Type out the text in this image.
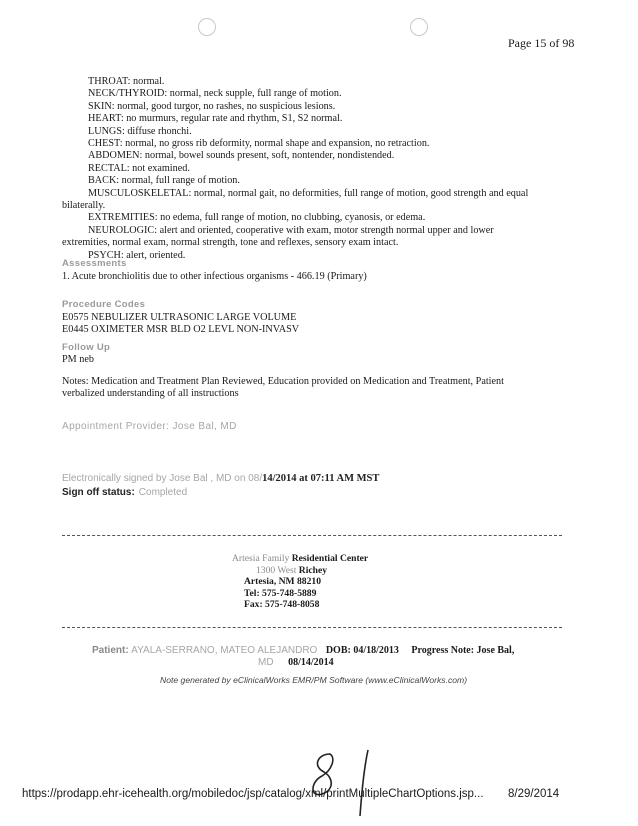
Page 15 of 98
THROAT: normal.
NECK/THYROID: normal, neck supple, full range of motion.
SKIN: normal, good turgor, no rashes, no suspicious lesions.
HEART: no murmurs, regular rate and rhythm, S1, S2 normal.
LUNGS: diffuse rhonchi.
CHEST: normal, no gross rib deformity, normal shape and expansion, no retraction.
ABDOMEN: normal, bowel sounds present, soft, nontender, nondistended.
RECTAL: not examined.
BACK: normal, full range of motion.
MUSCULOSKELETAL: normal, normal gait, no deformities, full range of motion, good strength and equal
bilaterally.
EXTREMITIES: no edema, full range of motion, no clubbing, cyanosis, or edema.
NEUROLOGIC: alert and oriented, cooperative with exam, motor strength normal upper and lower
extremities, normal exam, normal strength, tone and reflexes, sensory exam intact.
PSYCH: alert, oriented.
Assessments
1. Acute bronchiolitis due to other infectious organisms - 466.19 (Primary)
Procedure Codes
E0575 NEBULIZER ULTRASONIC LARGE VOLUME
E0445 OXIMETER MSR BLD O2 LEVL NON-INVASV
Follow Up
PM neb
Notes: Medication and Treatment Plan Reviewed, Education provided on Medication and Treatment, Patient
verbalized understanding of all instructions
Appointment Provider: Jose Bal, MD
Electronically signed by Jose Bal , MD on 08/14/2014 at 07:11 AM MST
Sign off status: Completed
Artesia Family Residential Center
1300 West Richey
Artesia, NM 88210
Tel: 575-748-5889
Fax: 575-748-8058
Patient: AYALA-SERRANO, MATEO ALEJANDRO DOB: 04/18/2013 Progress Note: Jose Bal,
MD 08/14/2014
Note generated by eClinicalWorks EMR/PM Software (www.eClinicalWorks.com)
https://prodapp.ehr-icehealth.org/mobiledoc/jsp/catalog/xml/printMultipleChartOptions.jsp... 8/29/2014
